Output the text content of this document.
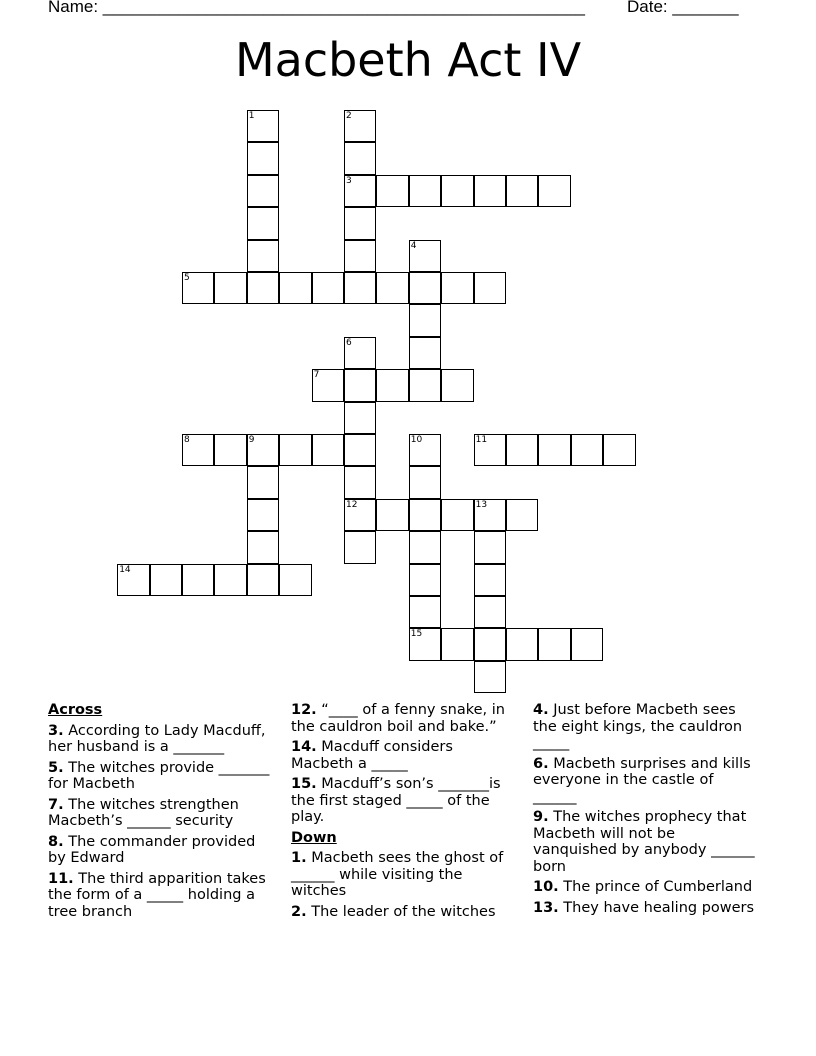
Name: ___________________________________________________ Date: _______
Macbeth Act IV
1	2
3
4
5
6
12
7
8	9	10
15
11
13
14
Across
3. According to Lady Macduff, her husband is a _______
5. The witches provide _______ for Macbeth
7. The witches strengthen Macbeth’s ______ security
8. The commander provided by Edward
11. The third apparition takes the form of a _____ holding a tree branch
12. “____ of a fenny snake, in the cauldron boil and bake.”
14. Macduff considers Macbeth a _____
15. Macduff’s son’s _______is the first staged _____ of the play.
Down
1. Macbeth sees the ghost of ______ while visiting the witches
2. The leader of the witches
4. Just before Macbeth sees the eight kings, the cauldron _____
6. Macbeth surprises and kills everyone in the castle of ______
9. The witches prophecy that Macbeth will not be vanquished by anybody ______ born
10. The prince of Cumberland
13. They have healing powers
